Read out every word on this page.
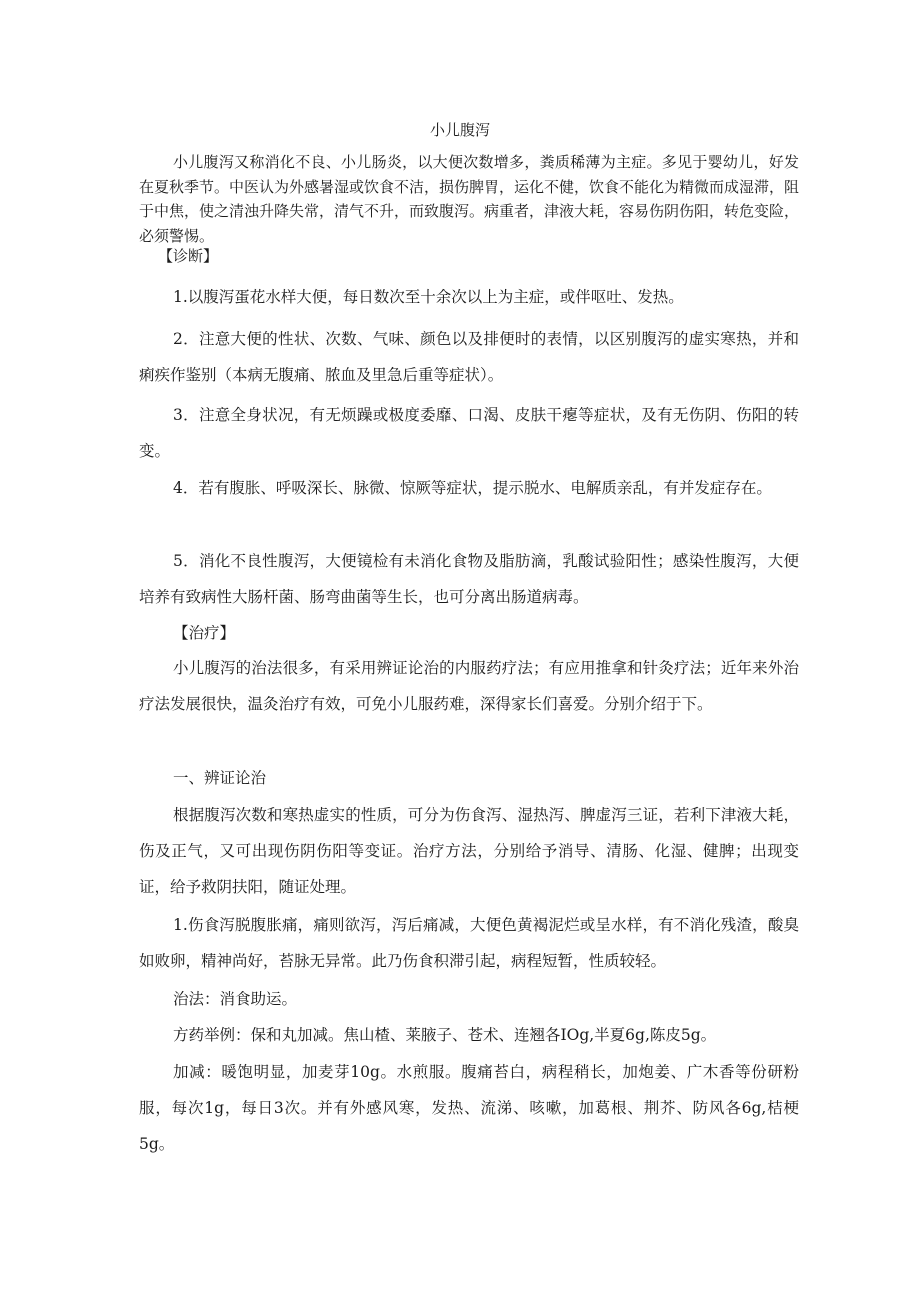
小儿腹泻

小儿腹泻又称消化不良、小儿肠炎，以大便次数增多，粪质稀薄为主症。多见于婴幼儿，好发在夏秋季节。中医认为外感暑湿或饮食不洁，损伤脾胃，运化不健，饮食不能化为精微而成湿滞，阻于中焦，使之清浊升降失常，清气不升，而致腹泻。病重者，津液大耗，容易伤阴伤阳，转危变险，必须警惕。

【诊断】

1.以腹泻蛋花水样大便，每日数次至十余次以上为主症，或伴呕吐、发热。

2．注意大便的性状、次数、气味、颜色以及排便时的表情，以区别腹泻的虚实寒热，并和痢疾作鉴别（本病无腹痛、脓血及里急后重等症状）。

3．注意全身状况，有无烦躁或极度委靡、口渴、皮肤干瘪等症状，及有无伤阴、伤阳的转变。

4．若有腹胀、呼吸深长、脉微、惊厥等症状，提示脱水、电解质亲乱，有并发症存在。

5．消化不良性腹泻，大便镜检有未消化食物及脂肪滴，乳酸试验阳性；感染性腹泻，大便培养有致病性大肠杆菌、肠弯曲菌等生长，也可分离出肠道病毒。

【治疗】

小儿腹泻的治法很多，有采用辨证论治的内服药疗法；有应用推拿和针灸疗法；近年来外治疗法发展很快，温灸治疗有效，可免小儿服药难，深得家长们喜爱。分别介绍于下。

一、辨证论治

根据腹泻次数和寒热虚实的性质，可分为伤食泻、湿热泻、脾虚泻三证，若利下津液大耗，伤及正气，又可出现伤阴伤阳等变证。治疗方法，分别给予消导、清肠、化湿、健脾；出现变证，给予救阴扶阳，随证处理。

1.伤食泻脱腹胀痛，痛则欲泻，泻后痛减，大便色黄褐泥烂或呈水样，有不消化残渣，酸臭如败卵，精神尚好，苔脉无异常。此乃伤食积滞引起，病程短暂，性质较轻。

治法：消食助运。

方药举例：保和丸加减。焦山楂、莱腋子、苍术、连翘各IOg,半夏6g,陈皮5g。

加减：暖饱明显，加麦芽10g。水煎服。腹痛苔白，病程稍长，加炮姜、广木香等份研粉服，每次1g，每日3次。并有外感风寒，发热、流涕、咳嗽，加葛根、荆芥、防风各6g,桔梗5g。
